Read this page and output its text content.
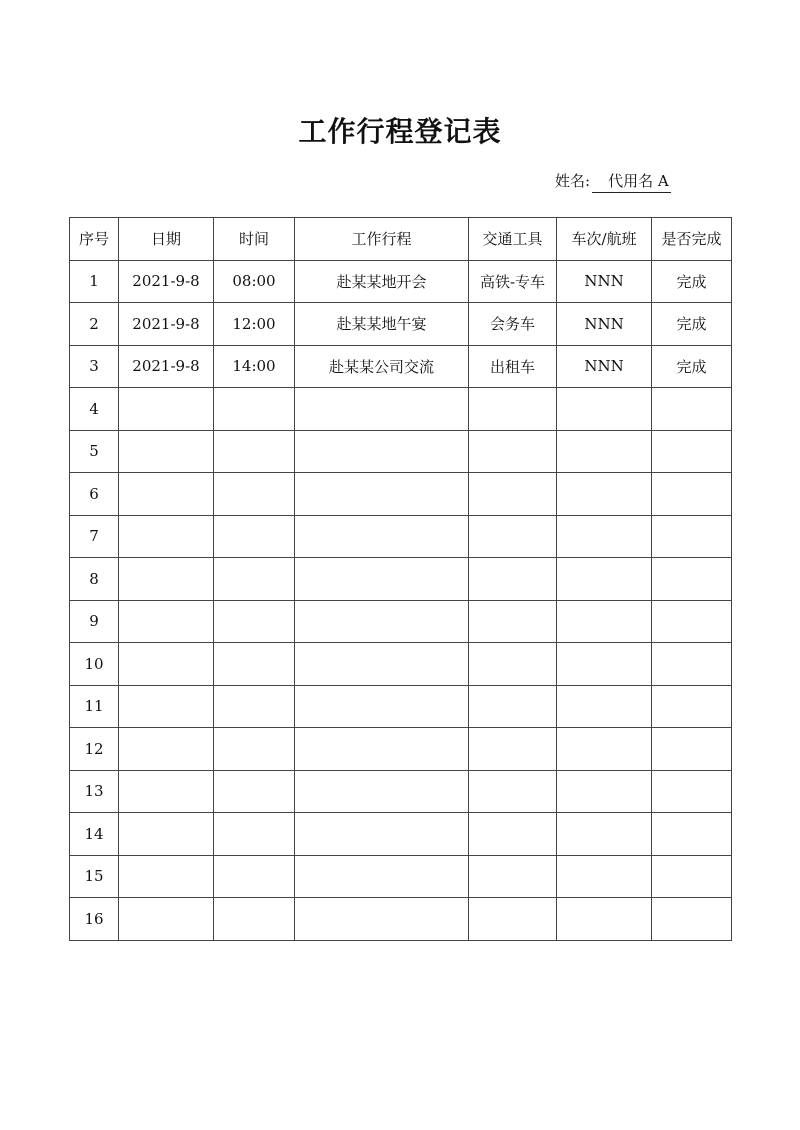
工作行程登记表
姓名: 代用名 A
序号	日期	时间	工作行程	交通工具	车次/航班	是否完成
1	2021-9-8	08:00	赴某某地开会	高铁-专车	NNN	完成
2	2021-9-8	12:00	赴某某地午宴	会务车	NNN	完成
3	2021-9-8	14:00	赴某某公司交流	出租车	NNN	完成
4						
5						
6						
7						
8						
9						
10						
11						
12						
13						
14						
15						
16						
